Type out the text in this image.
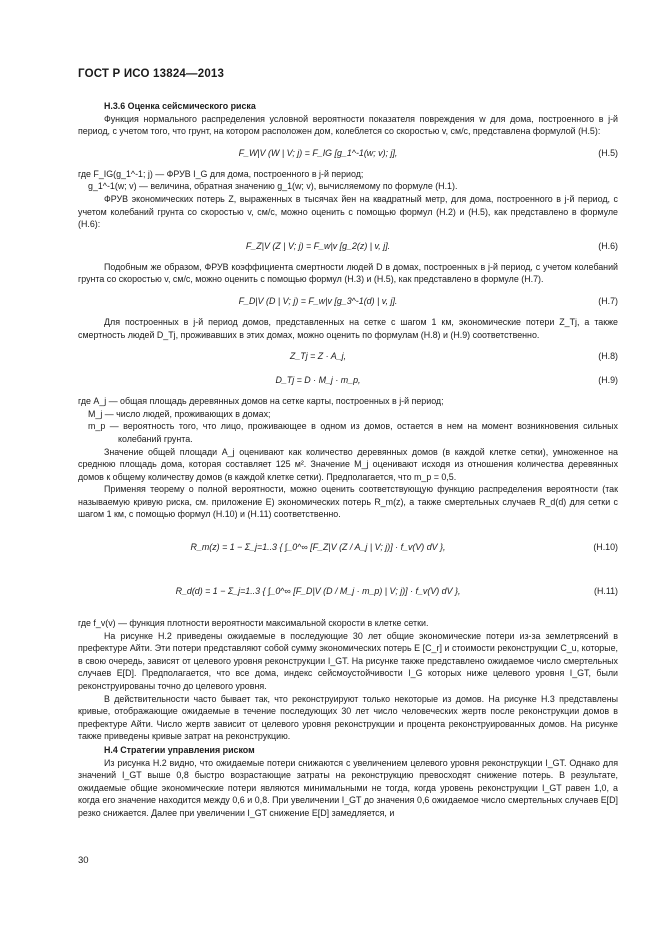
ГОСТ Р ИСО 13824—2013

Н.3.6 Оценка сейсмического риска

Функция нормального распределения условной вероятности показателя повреждения w для дома, построенного в j-й период, с учетом того, что грунт, на котором расположен дом, колеблется со скоростью v, см/с, представлена формулой (Н.5):

F_W|V (W | V; j) = F_IG [g_1^-1(w; v); j],	(Н.5)

где F_IG(g_1^-1; j) — ФРУВ I_G для дома, построенного в j-й период;

g_1^-1(w; v) — величина, обратная значению g_1(w; v), вычисляемому по формуле (Н.1).

ФРУВ экономических потерь Z, выраженных в тысячах йен на квадратный метр, для дома, построенного в j-й период, с учетом колебаний грунта со скоростью v, см/с, можно оценить с помощью формул (Н.2) и (Н.5), как представлено в формуле (Н.6):

F_Z|V (Z | V; j) = F_w|v [g_2(z) | v, j].	(Н.6)

Подобным же образом, ФРУВ коэффициента смертности людей D в домах, построенных в j-й период, с учетом колебаний грунта со скоростью v, см/с, можно оценить с помощью формул (Н.3) и (Н.5), как представлено в формуле (Н.7).

F_D|V (D | V; j) = F_w|v [g_3^-1(d) | v, j].	(Н.7)

Для построенных в j-й период домов, представленных на сетке с шагом 1 км, экономические потери Z_Tj, а также смертность людей D_Tj, проживавших в этих домах, можно оценить по формулам (Н.8) и (Н.9) соответственно.

Z_Tj = Z · A_j,	(Н.8)
D_Tj = D · M_j · m_p,	(Н.9)

где A_j — общая площадь деревянных домов на сетке карты, построенных в j-й период;

M_j — число людей, проживающих в домах;

m_p — вероятность того, что лицо, проживающее в одном из домов, остается в нем на момент возникновения сильных колебаний грунта.

Значение общей площади A_j оценивают как количество деревянных домов (в каждой клетке сетки), умноженное на среднюю площадь дома, которая составляет 125 м². Значение M_j оценивают исходя из отношения количества деревянных домов к общему количеству домов (в каждой клетке сетки). Предполагается, что m_p = 0,5.

Применяя теорему о полной вероятности, можно оценить соответствующую функцию распределения вероятности (так называемую кривую риска, см. приложение Е) экономических потерь R_m(z), а также смертельных случаев R_d(d) для сетки с шагом 1 км, с помощью формул (Н.10) и (Н.11) соответственно.

R_m(z) = 1 − Σ_j=1..3 { ∫_0^∞ [F_Z|V (Z / A_j | V; j)] · f_v(V) dV },	(Н.10)
R_d(d) = 1 − Σ_j=1..3 { ∫_0^∞ [F_D|V (D / M_j · m_p) | V; j)] · f_v(V) dV },	(Н.11)

где f_v(v) — функция плотности вероятности максимальной скорости в клетке сетки.

На рисунке Н.2 приведены ожидаемые в последующие 30 лет общие экономические потери из-за землетрясений в префектуре Айти. Эти потери представляют собой сумму экономических потерь E [C_r] и стоимости реконструкции C_u, которые, в свою очередь, зависят от целевого уровня реконструкции I_GT. На рисунке также представлено ожидаемое число смертельных случаев E[D]. Предполагается, что все дома, индекс сейсмоустойчивости I_G которых ниже целевого уровня I_GT, были реконструированы точно до целевого уровня.

В действительности часто бывает так, что реконструируют только некоторые из домов. На рисунке Н.3 представлены кривые, отображающие ожидаемые в течение последующих 30 лет число человеческих жертв после реконструкции домов в префектуре Айти. Число жертв зависит от целевого уровня реконструкции и процента реконструированных домов. На рисунке также приведены кривые затрат на реконструкцию.

Н.4 Стратегии управления риском

Из рисунка Н.2 видно, что ожидаемые потери снижаются с увеличением целевого уровня реконструкции I_GT. Однако для значений I_GT выше 0,8 быстро возрастающие затраты на реконструкцию превосходят снижение потерь. В результате, ожидаемые общие экономические потери являются минимальными не тогда, когда уровень реконструкции I_GT равен 1,0, а когда его значение находится между 0,6 и 0,8. При увеличении I_GT до значения 0,6 ожидаемое число смертельных случаев E[D] резко снижается. Далее при увеличении I_GT снижение E[D] замедляется, и

30
